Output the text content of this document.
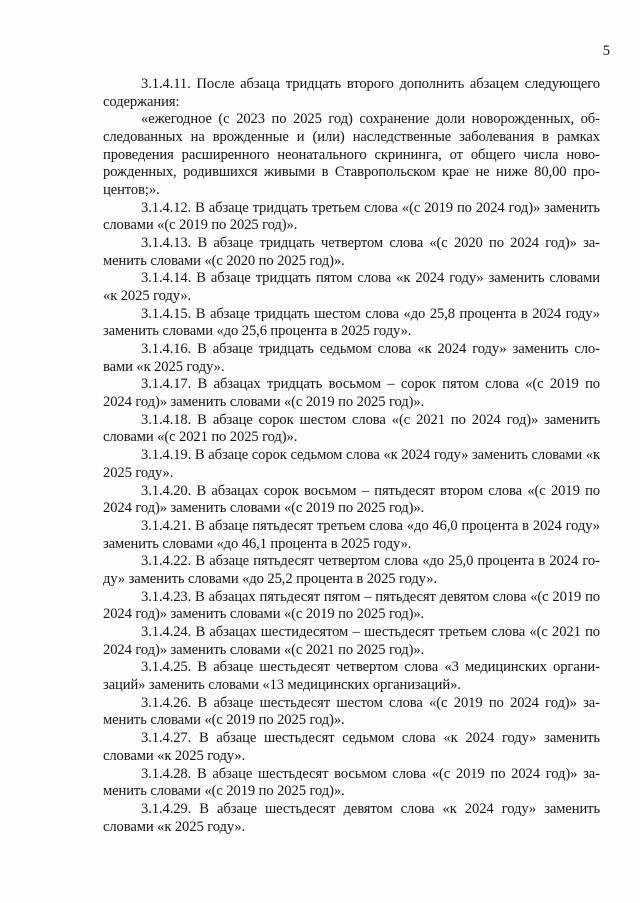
5

3.1.4.11. После абзаца тридцать второго дополнить абзацем следующего содержания:

«ежегодное (с 2023 по 2025 год) сохранение доли новорожденных, обследованных на врожденные и (или) наследственные заболевания в рамках проведения расширенного неонатального скрининга, от общего числа новорожденных, родившихся живыми в Ставропольском крае не ниже 80,00 процентов;».

3.1.4.12. В абзаце тридцать третьем слова «(с 2019 по 2024 год)» заменить словами «(с 2019 по 2025 год)».

3.1.4.13. В абзаце тридцать четвертом слова «(с 2020 по 2024 год)» заменить словами «(с 2020 по 2025 год)».

3.1.4.14. В абзаце тридцать пятом слова «к 2024 году» заменить словами «к 2025 году».

3.1.4.15. В абзаце тридцать шестом слова «до 25,8 процента в 2024 году» заменить словами «до 25,6 процента в 2025 году».

3.1.4.16. В абзаце тридцать седьмом слова «к 2024 году» заменить словами «к 2025 году».

3.1.4.17. В абзацах тридцать восьмом – сорок пятом слова «(с 2019 по 2024 год)» заменить словами «(с 2019 по 2025 год)».

3.1.4.18. В абзаце сорок шестом слова «(с 2021 по 2024 год)» заменить словами «(с 2021 по 2025 год)».

3.1.4.19. В абзаце сорок седьмом слова «к 2024 году» заменить словами «к 2025 году».

3.1.4.20. В абзацах сорок восьмом – пятьдесят втором слова «(с 2019 по 2024 год)» заменить словами «(с 2019 по 2025 год)».

3.1.4.21. В абзаце пятьдесят третьем слова «до 46,0 процента в 2024 году» заменить словами «до 46,1 процента в 2025 году».

3.1.4.22. В абзаце пятьдесят четвертом слова «до 25,0 процента в 2024 году» заменить словами «до 25,2 процента в 2025 году».

3.1.4.23. В абзацах пятьдесят пятом – пятьдесят девятом слова «(с 2019 по 2024 год)» заменить словами «(с 2019 по 2025 год)».

3.1.4.24. В абзацах шестидесятом – шестьдесят третьем слова «(с 2021 по 2024 год)» заменить словами «(с 2021 по 2025 год)».

3.1.4.25. В абзаце шестьдесят четвертом слова «3 медицинских организаций» заменить словами «13 медицинских организаций».

3.1.4.26. В абзаце шестьдесят шестом слова «(с 2019 по 2024 год)» заменить словами «(с 2019 по 2025 год)».

3.1.4.27. В абзаце шестьдесят седьмом слова «к 2024 году» заменить словами «к 2025 году».

3.1.4.28. В абзаце шестьдесят восьмом слова «(с 2019 по 2024 год)» заменить словами «(с 2019 по 2025 год)».

3.1.4.29. В абзаце шестьдесят девятом слова «к 2024 году» заменить словами «к 2025 году».
